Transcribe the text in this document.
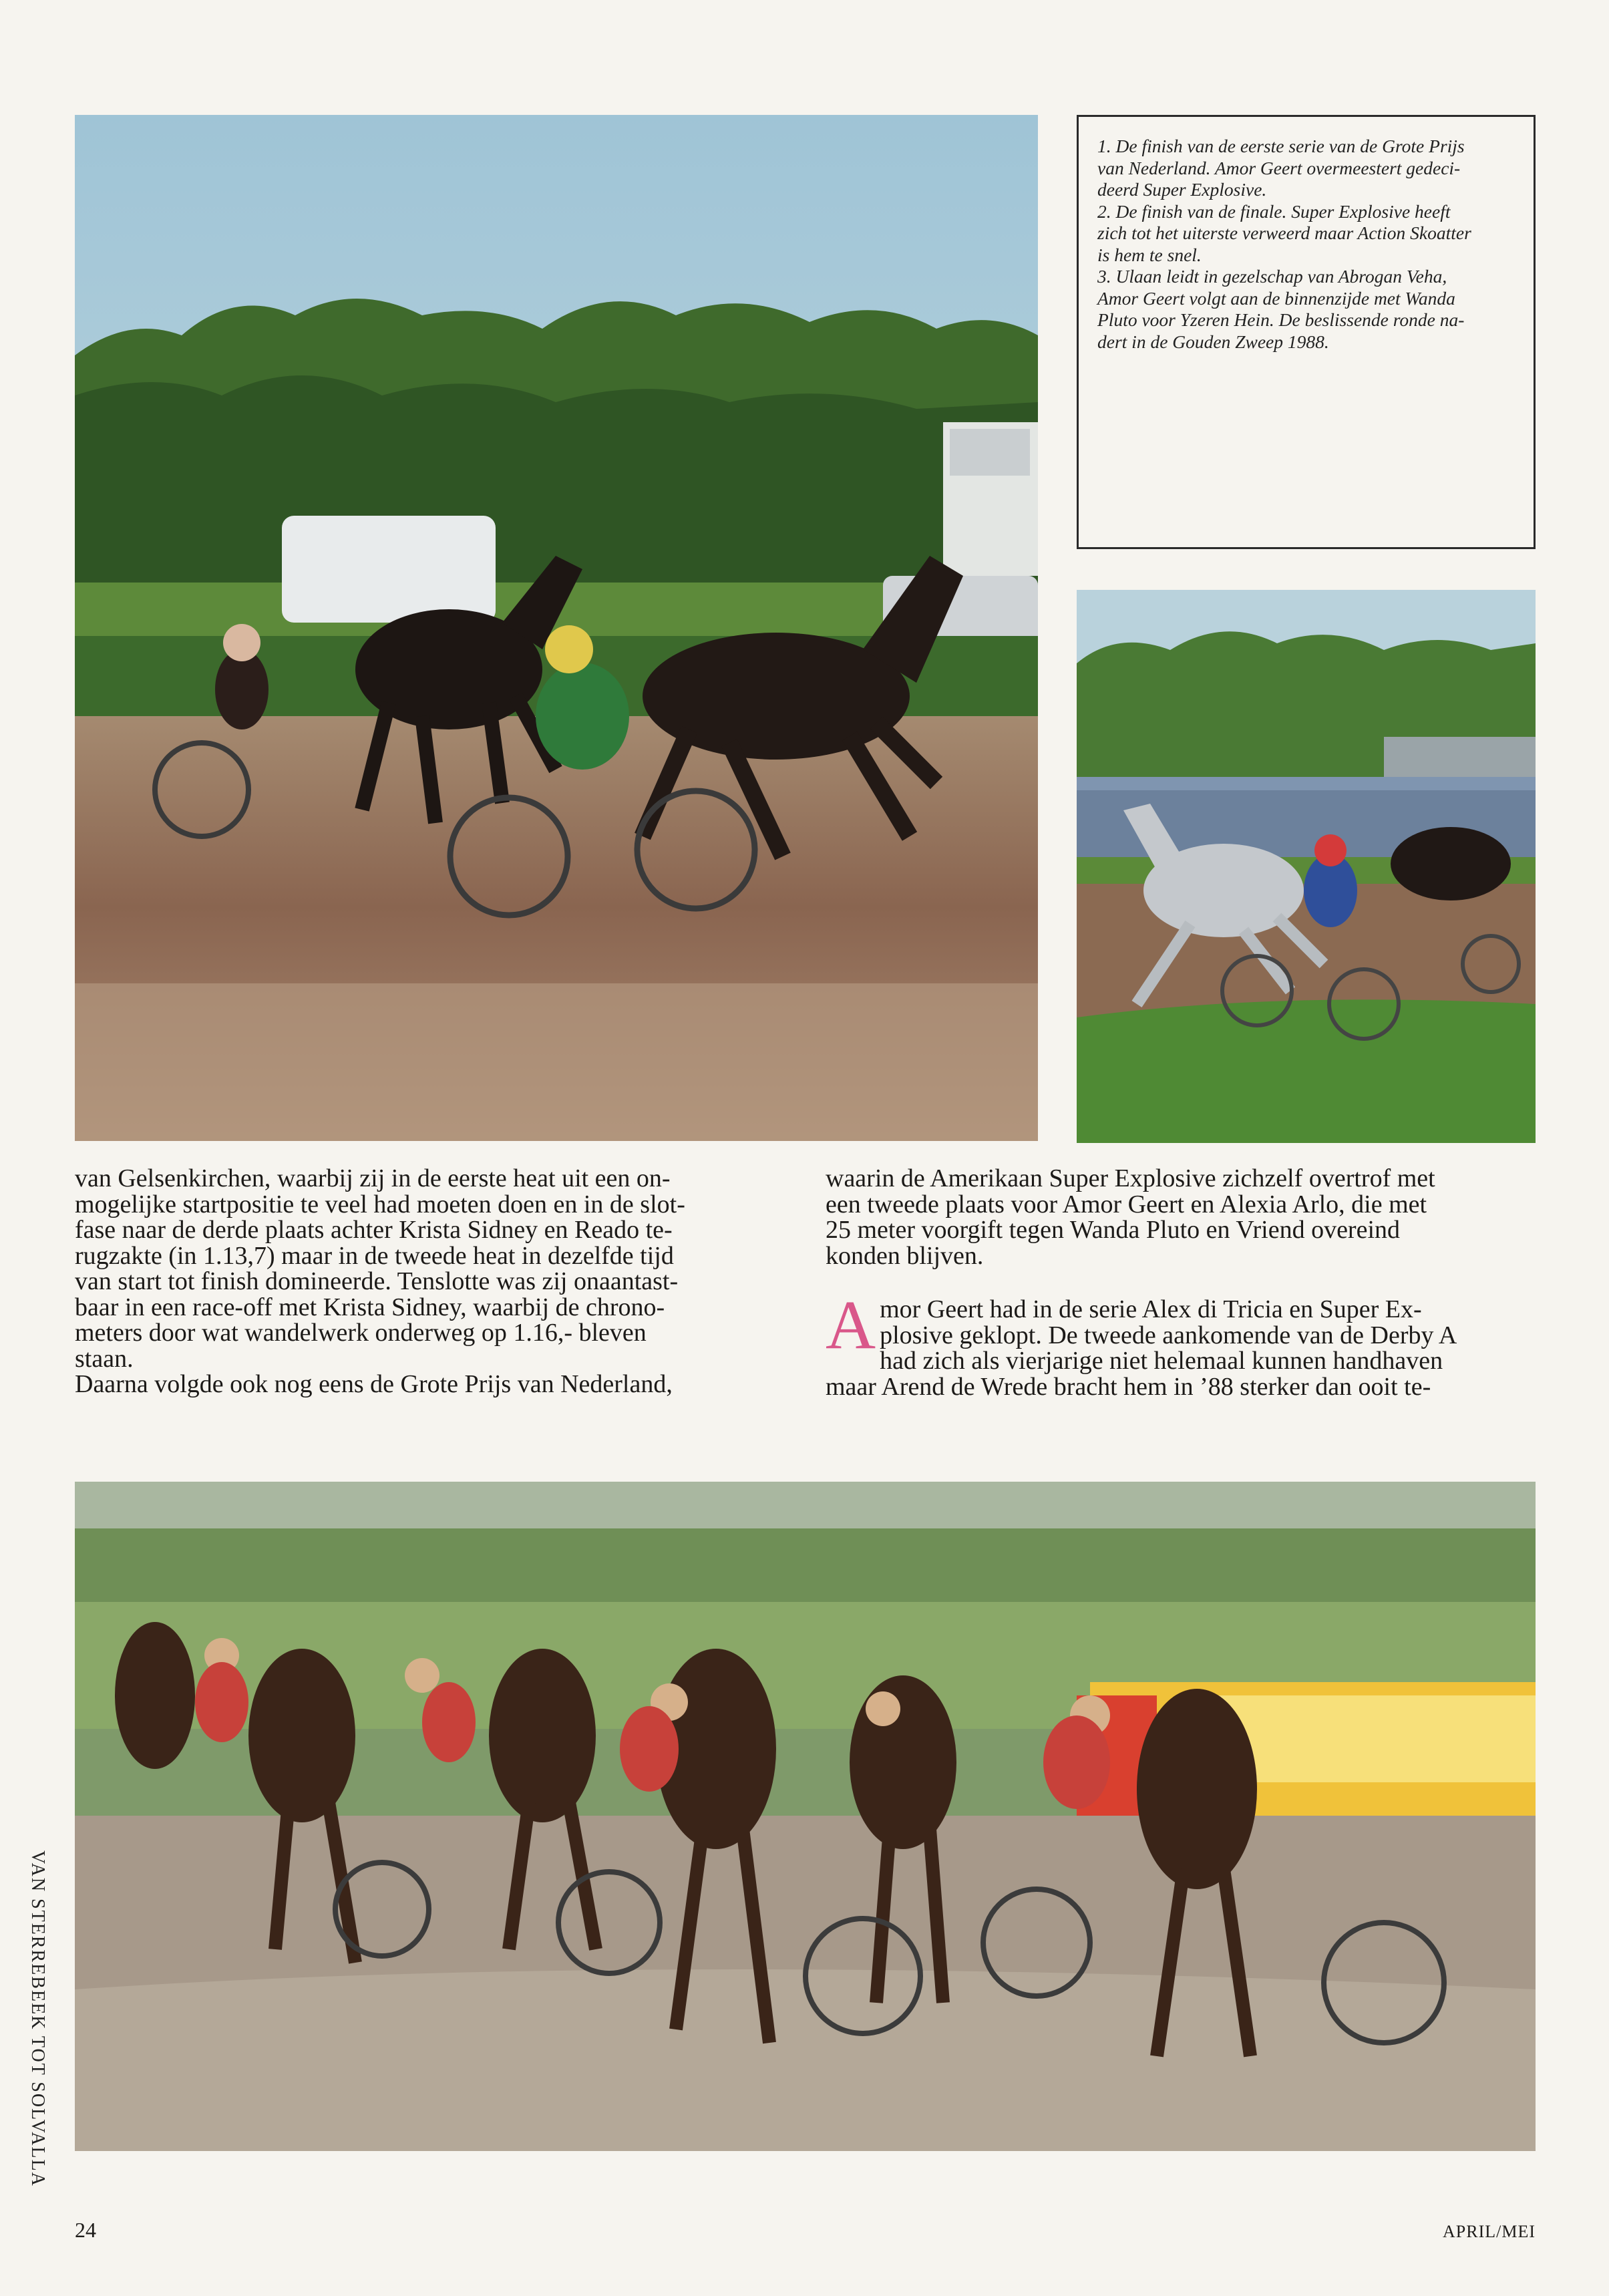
1. De finish van de eerste serie van de Grote Prijs

van Nederland. Amor Geert overmeestert gedeci-

deerd Super Explosive.

2. De finish van de finale. Super Explosive heeft

zich tot het uiterste verweerd maar Action Skoatter

is hem te snel.

3. Ulaan leidt in gezelschap van Abrogan Veha,

Amor Geert volgt aan de binnenzijde met Wanda

Pluto voor Yzeren Hein. De beslissende ronde na-

dert in de Gouden Zweep 1988.

van Gelsenkirchen, waarbij zij in de eerste heat uit een on-

mogelijke startpositie te veel had moeten doen en in de slot-

fase naar de derde plaats achter Krista Sidney en Reado te-

rugzakte (in 1.13,7) maar in de tweede heat in dezelfde tijd

van start tot finish domineerde. Tenslotte was zij onaantast-

baar in een race-off met Krista Sidney, waarbij de chrono-

meters door wat wandelwerk onderweg op 1.16,- bleven

staan.

Daarna volgde ook nog eens de Grote Prijs van Nederland,

waarin de Amerikaan Super Explosive zichzelf overtrof met

een tweede plaats voor Amor Geert en Alexia Arlo, die met

25 meter voorgift tegen Wanda Pluto en Vriend overeind

konden blijven.

A mor Geert had in de serie Alex di Tricia en Super Ex-

plosive geklopt. De tweede aankomende van de Derby A

had zich als vierjarige niet helemaal kunnen handhaven

maar Arend de Wrede bracht hem in ’88 sterker dan ooit te-

VAN STERREBEEK TOT SOLVALLA
24	APRIL/MEI
